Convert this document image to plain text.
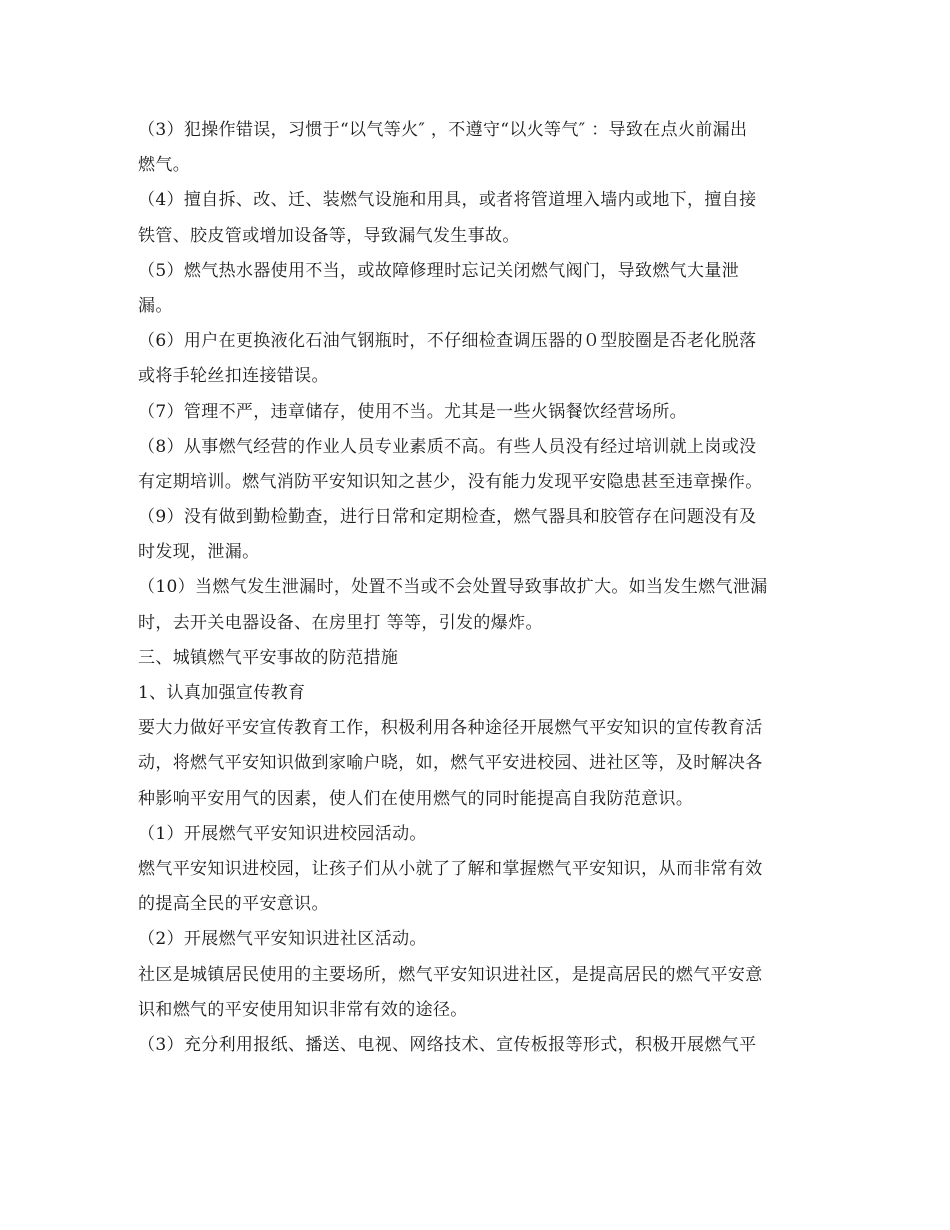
（3）犯操作错误，习惯于“以气等火″ ，不遵守“以火等气″ ：导致在点火前漏出
燃气。
（4）擅自拆、改、迁、装燃气设施和用具，或者将管道埋入墙内或地下，擅自接
铁管、胶皮管或增加设备等，导致漏气发生事故。
（5）燃气热水器使用不当，或故障修理时忘记关闭燃气阀门，导致燃气大量泄
漏。
（6）用户在更换液化石油气钢瓶时，不仔细检查调压器的０型胶圈是否老化脱落
或将手轮丝扣连接错误。
（7）管理不严，违章储存，使用不当。尤其是一些火锅餐饮经营场所。
（8）从事燃气经营的作业人员专业素质不高。有些人员没有经过培训就上岗或没
有定期培训。燃气消防平安知识知之甚少，没有能力发现平安隐患甚至违章操作。
（9）没有做到勤检勤查，进行日常和定期检查，燃气器具和胶管存在问题没有及
时发现，泄漏。
（10）当燃气发生泄漏时，处置不当或不会处置导致事故扩大。如当发生燃气泄漏
时，去开关电器设备、在房里打 等等，引发的爆炸。
三、城镇燃气平安事故的防范措施
1、认真加强宣传教育
要大力做好平安宣传教育工作，积极利用各种途径开展燃气平安知识的宣传教育活
动，将燃气平安知识做到家喻户晓，如，燃气平安进校园、进社区等，及时解决各
种影响平安用气的因素，使人们在使用燃气的同时能提高自我防范意识。
（1）开展燃气平安知识进校园活动。
燃气平安知识进校园，让孩子们从小就了了解和掌握燃气平安知识，从而非常有效
的提高全民的平安意识。
（2）开展燃气平安知识进社区活动。
社区是城镇居民使用的主要场所，燃气平安知识进社区，是提高居民的燃气平安意
识和燃气的平安使用知识非常有效的途径。
（3）充分利用报纸、播送、电视、网络技术、宣传板报等形式，积极开展燃气平
